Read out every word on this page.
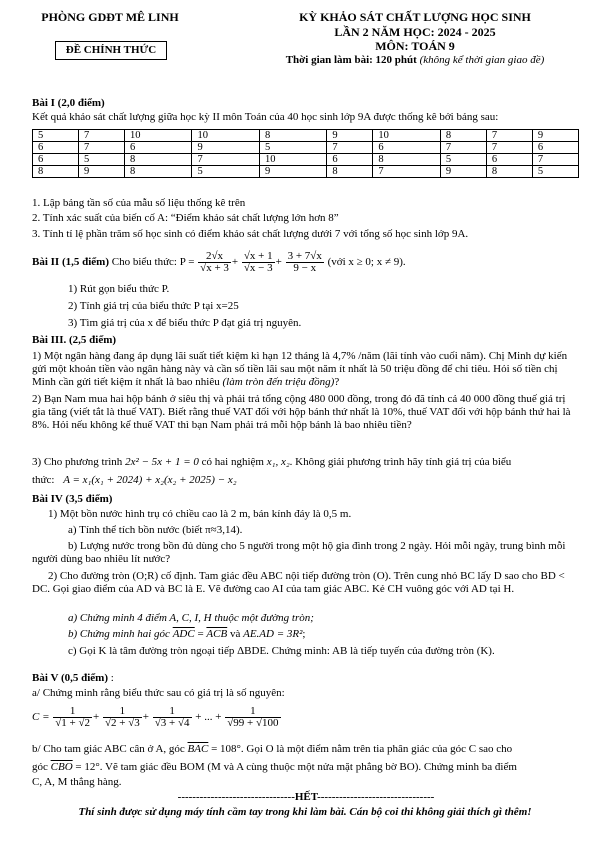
PHÒNG GDĐT MÊ LINH
ĐỀ CHÍNH THỨC
KỲ KHẢO SÁT CHẤT LƯỢNG HỌC SINH
LẦN 2 NĂM HỌC: 2024 - 2025
MÔN: TOÁN 9
Thời gian làm bài: 120 phút (không kể thời gian giao đề)
Bài I (2,0 điểm)
Kết quả khảo sát chất lượng giữa học kỳ II môn Toán của 40 học sinh lớp 9A được thống kê bởi bảng sau:
5	7	10	10	8	9	10	8	7	9
6	7	6	9	5	7	6	7	7	6
6	5	8	7	10	6	8	5	6	7
8	9	8	5	9	8	7	9	8	5
1. Lập bảng tần số của mẫu số liệu thống kê trên
2. Tính xác suất của biến cố A: “Điểm khảo sát chất lượng lớn hơn 8”
3. Tính tỉ lệ phần trăm số học sinh có điểm khảo sát chất lượng dưới 7 với tổng số học sinh lớp 9A.
Bài II (1,5 điểm) Cho biểu thức: $P = \frac{2√x}{√x + 3} + \frac{√x + 1}{√x - 3} + \frac{3 + 7√x}{9 - x}$ (với x ≥ 0; x ≠ 9).
1) Rút gọn biểu thức P.
2) Tính giá trị của biểu thức P tại x=25
3) Tìm giá trị của x để biểu thức P đạt giá trị nguyên.
Bài III. (2,5 điểm)
1) Một ngân hàng đang áp dụng lãi suất tiết kiệm kì hạn 12 tháng là 4,7% /năm (lãi tính vào cuối năm). Chị Minh dự kiến gửi một khoản tiền vào ngân hàng này và cần số tiền lãi sau một năm ít nhất là 50 triệu đồng để chi tiêu. Hỏi số tiền chị Minh cần gửi tiết kiệm ít nhất là bao nhiêu (làm tròn đến triệu đồng)?
2) Bạn Nam mua hai hộp bánh ở siêu thị và phải trả tổng cộng 480 000 đồng, trong đó đã tính cả 40 000 đồng thuế giá trị gia tăng (viết tắt là thuế VAT). Biết rằng thuế VAT đối với hộp bánh thứ nhất là 10%, thuế VAT đối với hộp bánh thứ hai là 8%. Hỏi nếu không kể thuế VAT thì bạn Nam phải trả mỗi hộp bánh là bao nhiêu tiền?
3) Cho phương trình 2x² − 5x + 1 = 0 có hai nghiệm x₁, x₂. Không giải phương trình hãy tính giá trị của biểu
thức: A = x₁(x₁ + 2024) + x₂(x₂ + 2025) − x₂
Bài IV (3,5 điểm)
1) Một bồn nước hình trụ có chiều cao là 2 m, bán kính đáy là 0,5 m.
a) Tính thể tích bồn nước (biết π≈3,14).
b) Lượng nước trong bồn đủ dùng cho 5 người trong một hộ gia đình trong 2 ngày. Hỏi mỗi ngày, trung bình mỗi người dùng bao nhiêu lít nước?
2) Cho đường tròn (O;R) cố định. Tam giác đều ABC nội tiếp đường tròn (O). Trên cung nhỏ BC lấy D sao cho BD < DC. Gọi giao điểm của AD và BC là E. Vẽ đường cao AI của tam giác ABC. Kẻ CH vuông góc với AD tại H.
a) Chứng minh 4 điểm A, C, I, H thuộc một đường tròn;
b) Chứng minh hai góc $\overline{ADC} = \overline{ACB}$ và AE.AD = 3R²;
c) Gọi K là tâm đường tròn ngoại tiếp ΔBDE. Chứng minh: AB là tiếp tuyến của đường tròn (K).
Bài V (0,5 điểm) :
a/ Chứng minh rằng biểu thức sau có giá trị là số nguyên:
$C = \frac{1}{√1 + √2} + \frac{1}{√2 + √3} + \frac{1}{√3 + √4}$ + ... + $\frac{1}{√99 + √100}$
b/ Cho tam giác ABC cân ở A, góc $\overline{BAC} = 108^\circ$. Gọi O là một điểm nằm trên tia phân giác của góc C sao cho
góc $\overline{CBO} = 12^\circ$. Vẽ tam giác đều BOM (M và A cùng thuộc một nửa mặt phẳng bờ BO). Chứng minh ba điểm
C, A, M thẳng hàng.
--------------------------------HẾT--------------------------------
Thí sinh được sử dụng máy tính cầm tay trong khi làm bài. Cán bộ coi thi không giải thích gì thêm!
